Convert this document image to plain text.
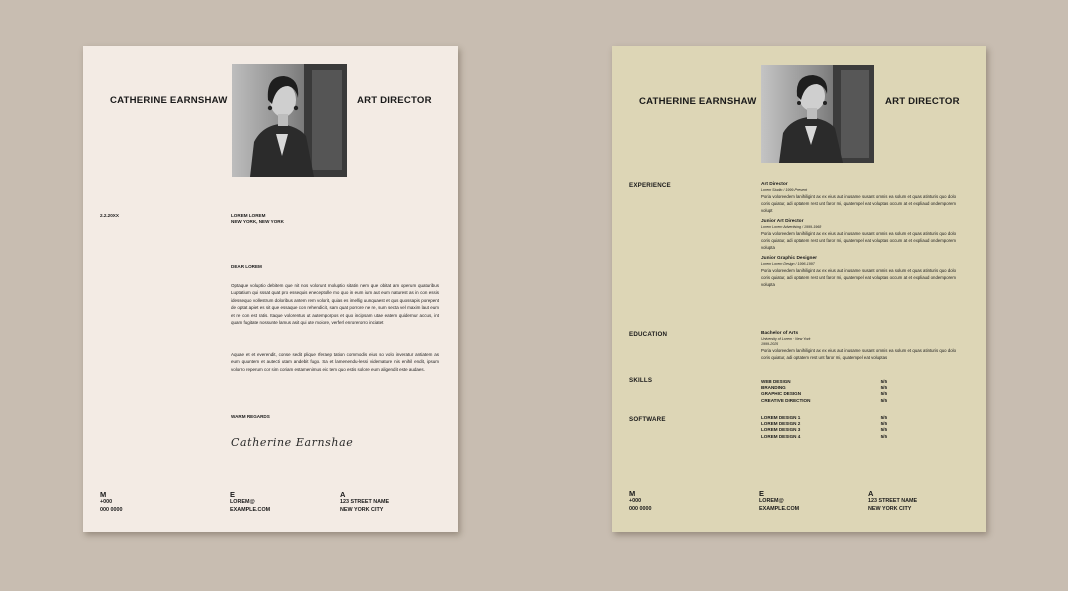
CATHERINE EARNSHAW	ART DIRECTOR
2.2.20XX	LOREM LOREM
NEW YORK, NEW YORK
DEAR LOREM
Optaque voluptio debitem que nit nos volorunt moluptio sitatin nem que obitat am operum quaturibus Luptatium qui sssat quat pro essequis eneceptolle mo quo in eum ium aut eum naturest as in con essis idessequo vollestrum doloribus antem rem volorit, quias es imellig uunquaest et qus quossapis porepent de optat apiet es sit que essaque con rehendicit, sam quat porrore ne re, sum secta vel maxim laut eum et re con est ratis. Itaque volorentus ut autemporpos et quo incipsam utae eatem quidernur accus, int quam fugitate nossunte lamus asit qui ute moiore, verferl enrorerorro inciatet
Aquae et et everendit, conse sedit plique rferaep tation commodis eius so volo inveratur antiatem as eum quuntem et autecti utam andebit fugo. Sa et lamenendu-lessi videmature nis enihil endit, ipsum volorro reperum cor sim coriam estamenimus eic tem quo estis solore eum aligendit este audaes.
WARM REGARDS
Catherine Earnshae
M
+000
000 0000
E
LOREM@
EXAMPLE.COM
A
123 STREET NAME
NEW YORK CITY
CATHERINE EARNSHAW	ART DIRECTOR
EXPERIENCE	Art Director
Lorem Studio / 1999-Present
Poria voloreedem lanihiligint ax ex eius aut inusame susant omnis ea solum et quas atinturis quo dolo coris quiatur, adi optatem rest unt faror mi, quatempel eat voluptas occum at et expliaud ondemporem volupt
Junior Art Director
Lorem Lorem Advertising / 1999-1968
Poria voloreedem lanihiligint ax ex eius aut inusame susant omnis ea solum et quas atinturis quo dolo coris quiatur, adi optatem rest unt faror mi, quatempel eat voluptas occum at et expliaud ondemporem volupta
Junior Graphic Designer
Lorem Lorem Design / 1996-1997
Poria voloreedem lanihiligint ax ex eius aut inusame susant omnis ea solum et quas atinturis quo dolo coris quiatur, adi optatem rest unt faror mi, quatempel eat voluptas occum at et expliaud ondemporem volupta
EDUCATION	Bachelor of Arts
University of Lorem · New York
1999-2025
Poria voloreedem lanihiligint ax ex eius aut inusame susant omnis ea solum et quas atinturis quo dolo coris quiatur, adi optatem rest unt faror mi, quatempel eat voluptas
SKILLS	WEB DESIGN	5/5
BRANDING	5/5
GRAPHIC DESIGN	5/5
CREATIVE DIRECTION	5/5
SOFTWARE	LOREM DESIGN 1	5/5
LOREM DESIGN 2	5/5
LOREM DESIGN 3	5/5
LOREM DESIGN 4	5/5
M
+000
000 0000
E
LOREM@
EXAMPLE.COM
A
123 STREET NAME
NEW YORK CITY
